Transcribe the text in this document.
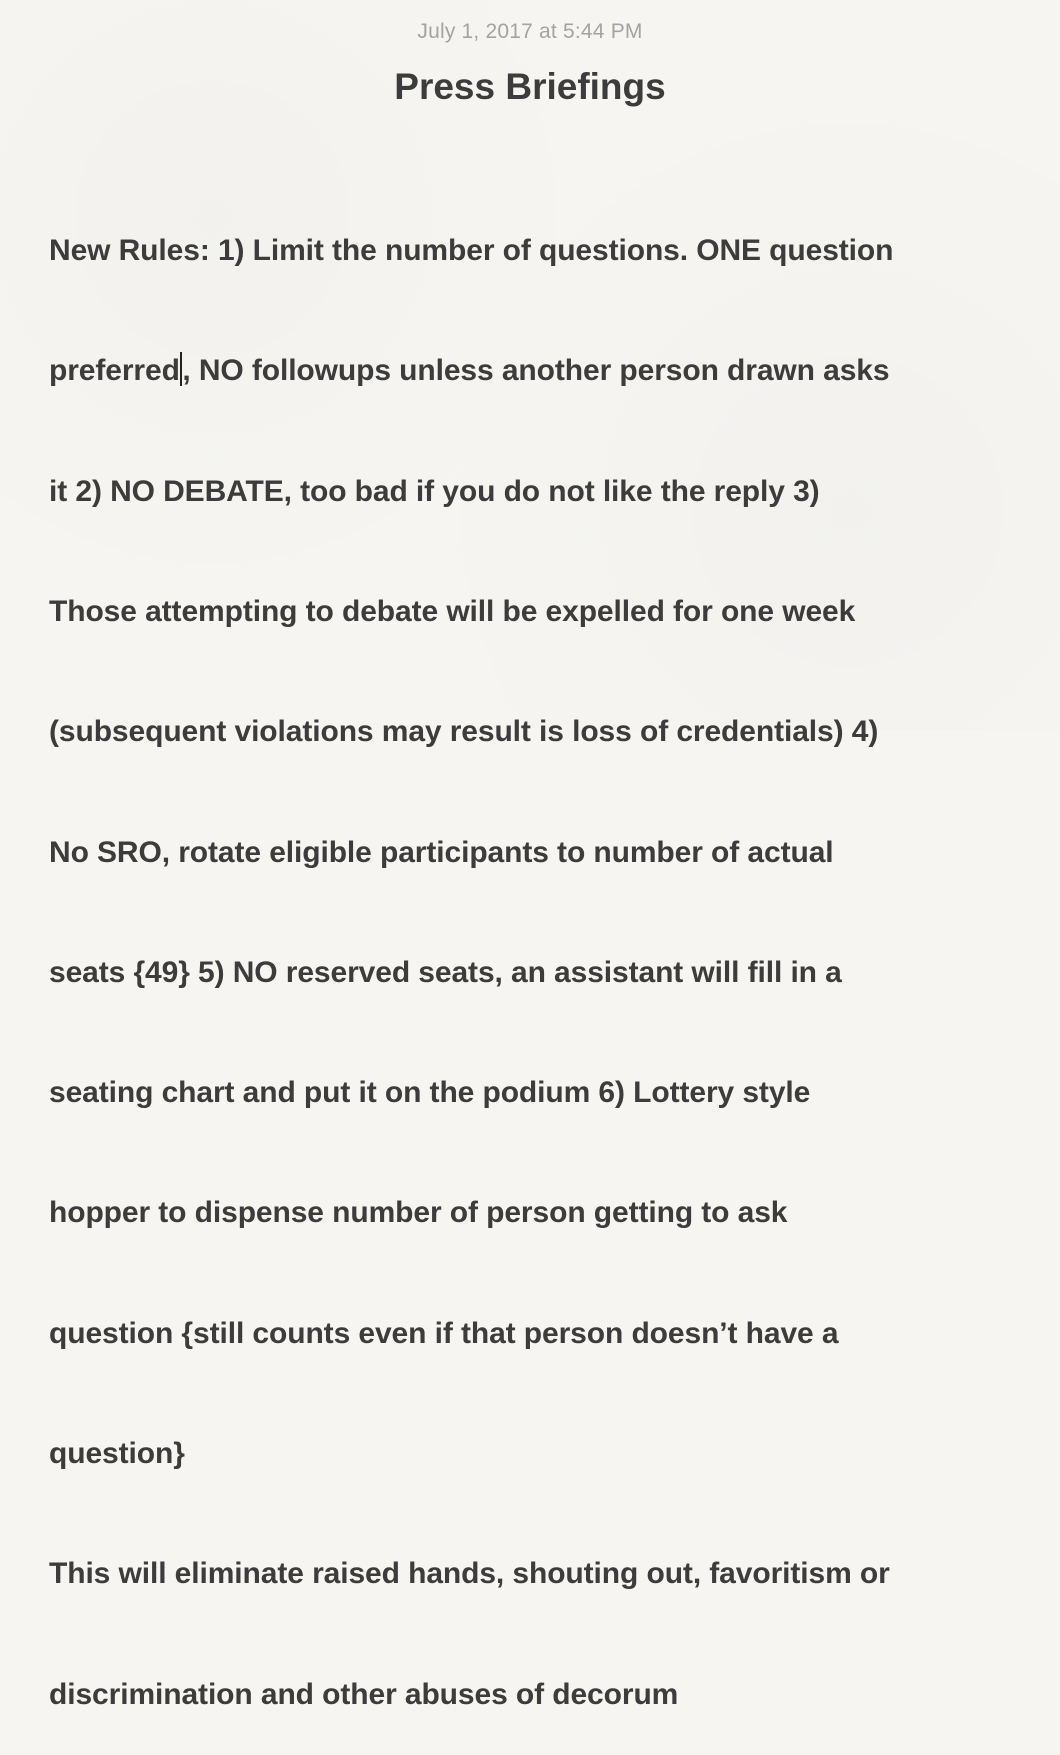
July 1, 2017 at 5:44 PM
Press Briefings

New Rules: 1) Limit the number of questions. ONE question

preferred, NO followups unless another person drawn asks

it 2) NO DEBATE, too bad if you do not like the reply 3)

Those attempting to debate will be expelled for one week

(subsequent violations may result is loss of credentials) 4)

No SRO, rotate eligible participants to number of actual

seats {49} 5) NO reserved seats, an assistant will fill in a

seating chart and put it on the podium 6) Lottery style

hopper to dispense number of person getting to ask

question {still counts even if that person doesn’t have a

question}

This will eliminate raised hands, shouting out, favoritism or

discrimination and other abuses of decorum
